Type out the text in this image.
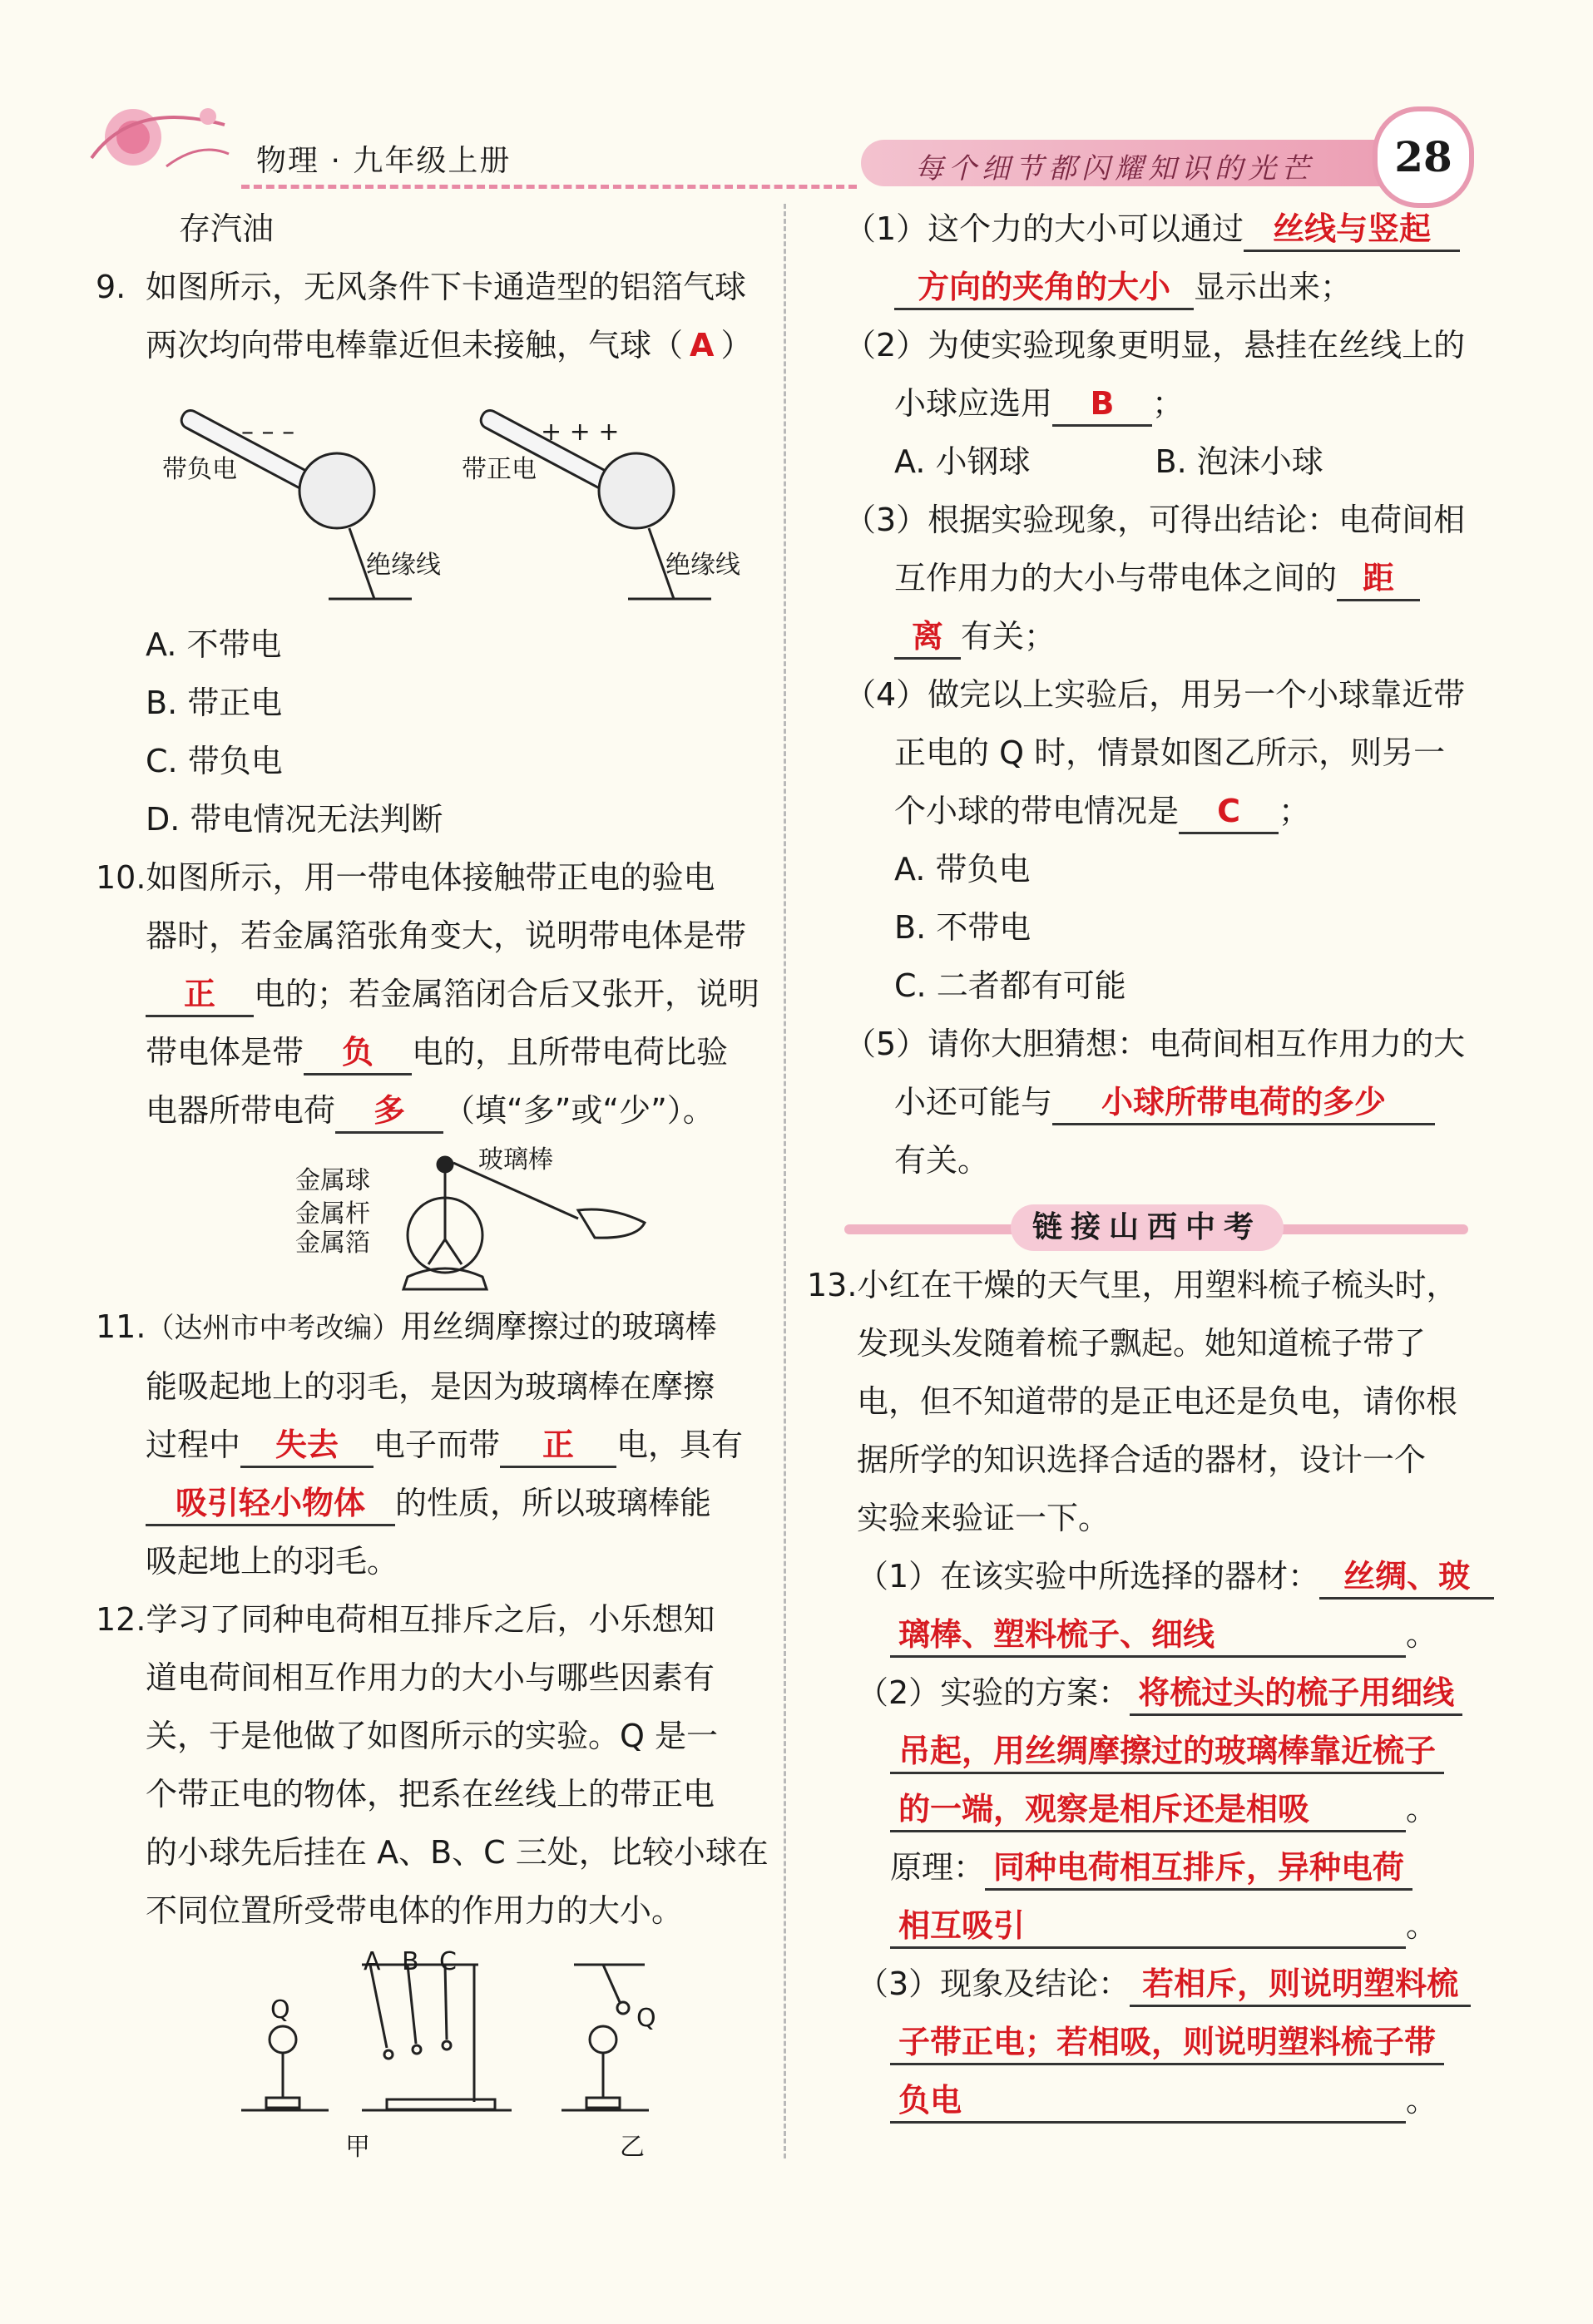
物理 · 九年级上册	每个细节都闪耀知识的光芒	28
存汽油
9. 如图所示，无风条件下卡通造型的铝箔气球
两次均向带电棒靠近但未接触，气球（ A ）
带负电
– – –
带正电
+ + +
绝缘线	绝缘线
A. 不带电
B. 带正电
C. 带负电
D. 带电情况无法判断
10.如图所示，用一带电体接触带正电的验电
器时，若金属箔张角变大，说明带电体是带
正 电的；若金属箔闭合后又张开，说明
带电体是带 负 电的，且所带电荷比验
电器所带电荷 多 （填“多”或“少”）。
玻璃棒
金属球
金属杆
金属箔
11.（达州市中考改编）用丝绸摩擦过的玻璃棒
能吸起地上的羽毛，是因为玻璃棒在摩擦
过程中 失去 电子而带 正 电，具有
吸引轻小物体 的性质，所以玻璃棒能
吸起地上的羽毛。
12.学习了同种电荷相互排斥之后，小乐想知
道电荷间相互作用力的大小与哪些因素有
关，于是他做了如图所示的实验。Q 是一
个带正电的物体，把系在丝线上的带正电
的小球先后挂在 A、B、C 三处，比较小球在
不同位置所受带电体的作用力的大小。
Q
A B C
Q
甲	乙
（1）这个力的大小可以通过 丝线与竖起
方向的夹角的大小 显示出来；
（2）为使实验现象更明显，悬挂在丝线上的
小球应选用 B ；
A. 小钢球	B. 泡沫小球
（3）根据实验现象，可得出结论：电荷间相
互作用力的大小与带电体之间的 距
离 有关；
（4）做完以上实验后，用另一个小球靠近带
正电的 Q 时，情景如图乙所示，则另一
个小球的带电情况是 C ；
A. 带负电
B. 不带电
C. 二者都有可能
（5）请你大胆猜想：电荷间相互作用力的大
小还可能与 小球所带电荷的多少
有关。
链接山西中考
13.小红在干燥的天气里，用塑料梳子梳头时，
发现头发随着梳子飘起。她知道梳子带了
电，但不知道带的是正电还是负电，请你根
据所学的知识选择合适的器材，设计一个
实验来验证一下。
（1）在该实验中所选择的器材： 丝绸、玻
璃棒、塑料梳子、细线	。
（2）实验的方案： 将梳过头的梳子用细线
吊起，用丝绸摩擦过的玻璃棒靠近梳子
的一端，观察是相斥还是相吸	。
原理： 同种电荷相互排斥，异种电荷
相互吸引	。
（3）现象及结论： 若相斥，则说明塑料梳
子带正电；若相吸，则说明塑料梳子带
负电	。
